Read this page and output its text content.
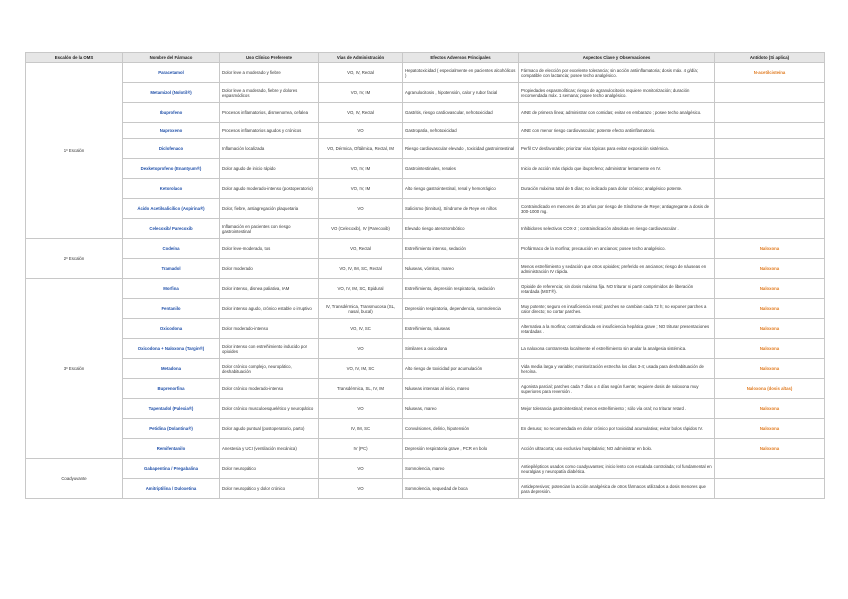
Escalón de la OMS	Nombre del Fármaco	Uso Clínico Preferente	Vías de Administración	Efectos Adversos Principales	Aspectos Clave y Observaciones	Antídoto (Si aplica)
1º Escalón	Paracetamol	Dolor leve a moderado y fiebre	VO, IV, Rectal	Hepatotoxicidad ( especialmente en pacientes alcohólicos )	Fármaco de elección por excelente tolerancia; sin acción antiinflamatoria; dosis máx. 4 g/día; compatible con lactancia; posee techo analgésico.	N-acetilcisteína
	Metamizol (Nolotil®)	Dolor leve a moderado, fiebre y dolores espasmódicos	VO, IV, IM	Agranulocitosis , hipotensión, calor y rubor facial	Propiedades espasmolíticas; riesgo de agranulocitosis requiere monitorización; duración recomendada máx. 1 semana; posee techo analgésico.	
	Ibuprofeno	Procesos inflamatorios, dismenorrea, cefalea	VO, IV, Rectal	Gastritis, riesgo cardiovascular, nefrotoxicidad	AINE de primera línea; administrar con comidas; evitar en embarazo ; posee techo analgésico.	
	Naproxeno	Procesos inflamatorios agudos y crónicos	VO	Gastropatía, nefrotoxicidad	AINE con menor riesgo cardiovascular; potente efecto antiinflamatorio.	
	Diclofenaco	Inflamación localizada	VO, Dérmica, Oftálmica, Rectal, IM	Riesgo cardiovascular elevado , toxicidad gastrointestinal	Perfil CV desfavorable; priorizar vías tópicas para evitar exposición sistémica.	
	Dexketoprofeno (Enantyum®)	Dolor agudo de inicio rápido	VO, IV, IM	Gastrointestinales, renales	Inicio de acción más rápido que ibuprofeno; administrar lentamente en IV.	
	Ketorolaco	Dolor agudo moderado-intenso (postoperatorio)	VO, IV, IM	Alto riesgo gastrointestinal, renal y hemorrágico	Duración máxima total de 5 días; no indicado para dolor crónico; analgésico potente.	
	Ácido Acetilsalicílico (Aspirina®)	Dolor, fiebre, antiagregación plaquetaria	VO	Salicismo (tinnitus), Síndrome de Reye en niños	Contraindicado en menores de 16 años por riesgo de Síndrome de Reye; antiagregante a dosis de 300-1000 mg.	
	Celecoxib/ Parecoxib	Inflamación en pacientes con riesgo gastrointestinal	VO (Celecoxib), IV (Parecoxib)	Elevado riesgo aterotrombótico	Inhibidores selectivos COX-2 ; contraindicación absoluta en riesgo cardiovascular .	
2º Escalón	Codeína	Dolor leve-moderado, tos	VO, Rectal	Estreñimiento intenso, sedación	Profármaco de la morfina; precaución en ancianos; posee techo analgésico.	Naloxona
	Tramadol	Dolor moderado	VO, IV, IM, SC, Rectal	Náuseas, vómitos, mareo	Menos estreñimiento y sedación que otros opioides; preferido en ancianos; riesgo de náuseas en administración IV rápida.	Naloxona
3º Escalón	Morfina	Dolor intenso, disnea paliativa, IAM	VO, IV, IM, SC, Epidural	Estreñimiento, depresión respiratoria, sedación	Opioide de referencia; sin dosis máxima fija. NO triturar ni partir comprimidos de liberación retardada (MST®).	Naloxona
	Fentanilo	Dolor intenso agudo, crónico estable o irruptivo	IV, Transdérmica, Transmucosa (SL, nasal, bucal)	Depresión respiratoria, dependencia, somnolencia	Muy potente; seguro en insuficiencia renal; parches se cambian cada 72 h; no exponer parches a calor directo; no cortar parches.	Naloxona
	Oxicodona	Dolor moderado-intenso	VO, IV, SC	Estreñimiento, náuseas	Alternativa a la morfina; contraindicada en insuficiencia hepática grave ; NO triturar presentaciones retardadas .	Naloxona
	Oxicodona + Naloxona (Targin®)	Dolor intenso con estreñimiento inducido por opioides	VO	Similares a oxicodona	La naloxona contrarresta localmente el estreñimiento sin anular la analgesia sistémica.	Naloxona
	Metadona	Dolor crónico complejo, neuropático, deshabituación	VO, IV, IM, SC	Alto riesgo de toxicidad por acumulación	Vida media larga y variable; monitorización estrecha los días 3-4; usada para deshabituación de heroína.	Naloxona
	Buprenorfina	Dolor crónico moderado-intenso	Transdérmica, SL, IV, IM	Náuseas intensas al inicio, mareo	Agonista parcial; parches cada 7 días o 4 días según fuente; requiere dosis de naloxona muy superiores para reversión .	Naloxona (dosis altas)
	Tapentadol (Palexia®)	Dolor crónico musculoesquelético y neuropático	VO	Náuseas, mareo	Mejor tolerancia gastrointestinal; menos estreñimiento ; sólo vía oral; no triturar retard .	Naloxona
	Petidina (Dolantina®)	Dolor agudo puntual (postoperatorio, parto)	IV, IM, SC	Convulsiones, delirio, hipotensión	En desuso; no recomendada en dolor crónico por toxicidad acumulativa; evitar bolos rápidos IV.	Naloxona
	Remifentanilo	Anestesia y UCI (ventilación mecánica)	IV (PC)	Depresión respiratoria grave , PCR en bolo	Acción ultracorta; uso exclusivo hospitalario; NO administrar en bolo.	Naloxona
Coadyuvante	Gabapentina / Pregabalina	Dolor neuropático	VO	Somnolencia, mareo	Antiepilépticos usados como coadyuvantes; inicio lento con escalada controlada; rol fundamental en neuralgias y neuropatía diabética.	
	Amitriptilina / Duloxetina	Dolor neuropático y dolor crónico	VO	Somnolencia, sequedad de boca	Antidepresivos; potencian la acción analgésica de otros fármacos utilizados a dosis menores que para depresión.	
